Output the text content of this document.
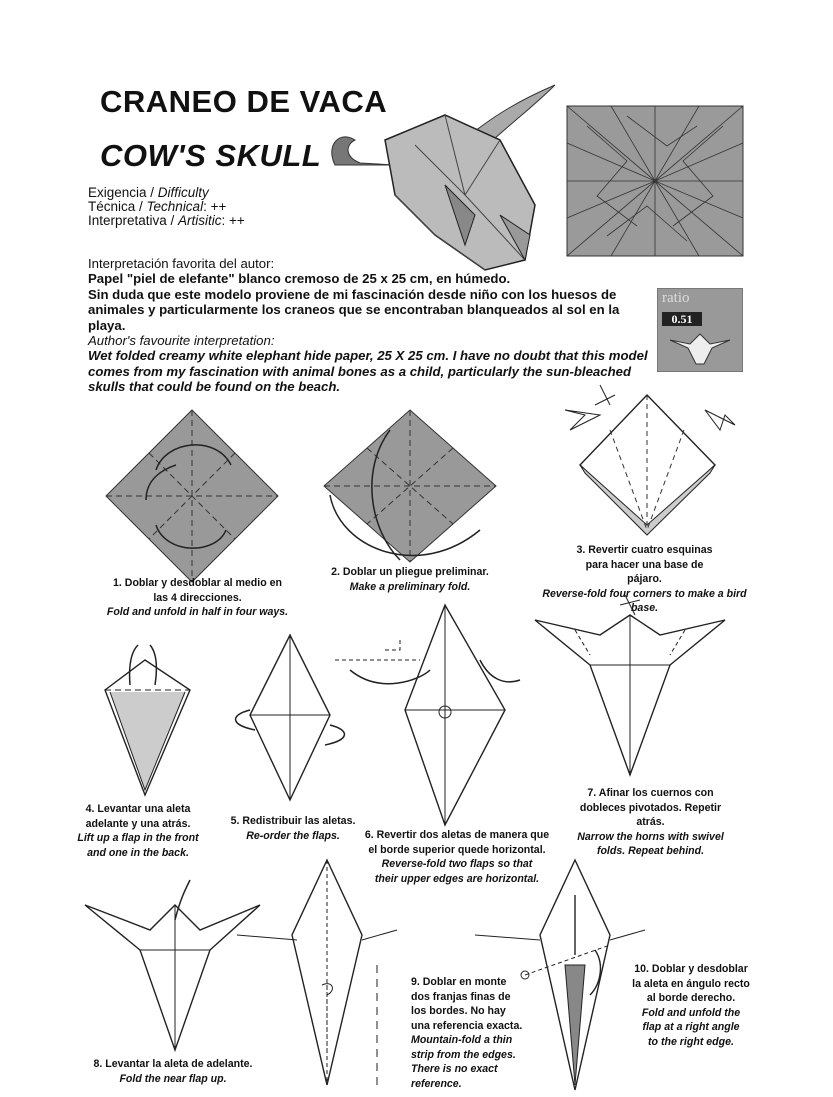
CRANEO DE VACA
COW'S SKULL
Exigencia / Difficulty
Técnica / Technical: ++
Interpretativa / Artisitic: ++
Interpretación favorita del autor:
Papel "piel de elefante" blanco cremoso de 25 x 25 cm, en húmedo.
Sin duda que este modelo proviene de mi fascinación desde niño con los huesos de animales y particularmente los craneos que se encontraban blanqueados al sol en la playa.
Author's favourite interpretation:
Wet folded creamy white elephant hide paper, 25 X 25 cm. I have no doubt that this model comes from my fascination with animal bones as a child, particularly the sun-bleached skulls that could be found on the beach.
ratio
0.51
1. Doblar y desdoblar al medio en las 4 direcciones.
Fold and unfold in half in four ways.
2. Doblar un pliegue preliminar.
Make a preliminary fold.
3. Revertir cuatro esquinas para hacer una base de pájaro.
Reverse-fold four corners to make a bird base.
4. Levantar una aleta adelante y una atrás.
Lift up a flap in the front and one in the back.
5. Redistribuir las aletas.
Re-order the flaps.	6. Revertir dos aletas de manera que el borde superior quede horizontal.
Reverse-fold two flaps so that their upper edges are horizontal.
7. Afinar los cuernos con dobleces pivotados. Repetir atrás.
Narrow the horns with swivel folds. Repeat behind.
8. Levantar la aleta de adelante.
Fold the near flap up.
9. Doblar en monte dos franjas finas de los bordes. No hay una referencia exacta.
Mountain-fold a thin strip from the edges. There is no exact reference.
10. Doblar y desdoblar la aleta en ángulo recto al borde derecho.
Fold and unfold the flap at a right angle to the right edge.
